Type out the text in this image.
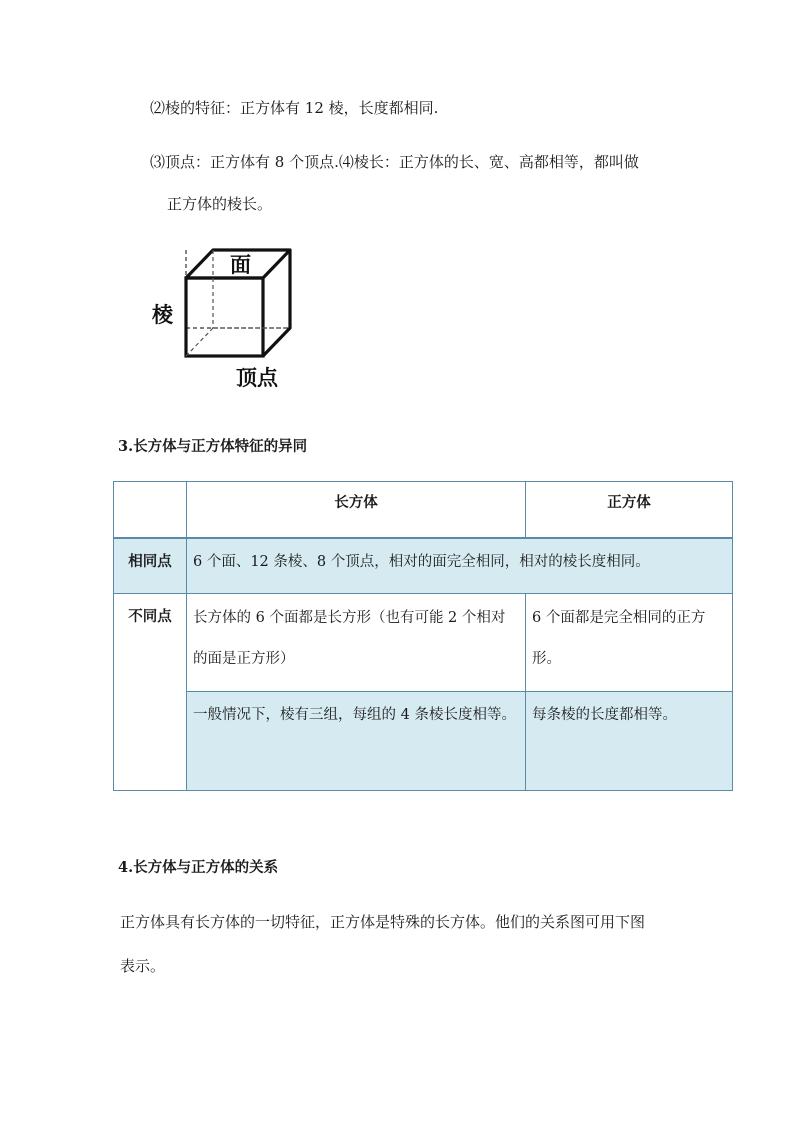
⑵棱的特征：正方体有 12 棱，长度都相同.
⑶顶点：正方体有 8 个顶点.⑷棱长：正方体的长、宽、高都相等，都叫做
正方体的棱长。
面
棱
顶点
3.长方体与正方体特征的异同

	长方体	正方体

相同点	6 个面、12 条棱、8 个顶点，相对的面完全相同，相对的棱长度相同。	

不同点	长方体的 6 个面都是长方形（也有可能 2 个相对的面是正方形）	6 个面都是完全相同的正方形。

	一般情况下，棱有三组，每组的 4 条棱长度相等。	每条棱的长度都相等。
4.长方体与正方体的关系
正方体具有长方体的一切特征，正方体是特殊的长方体。他们的关系图可用下图
表示。
